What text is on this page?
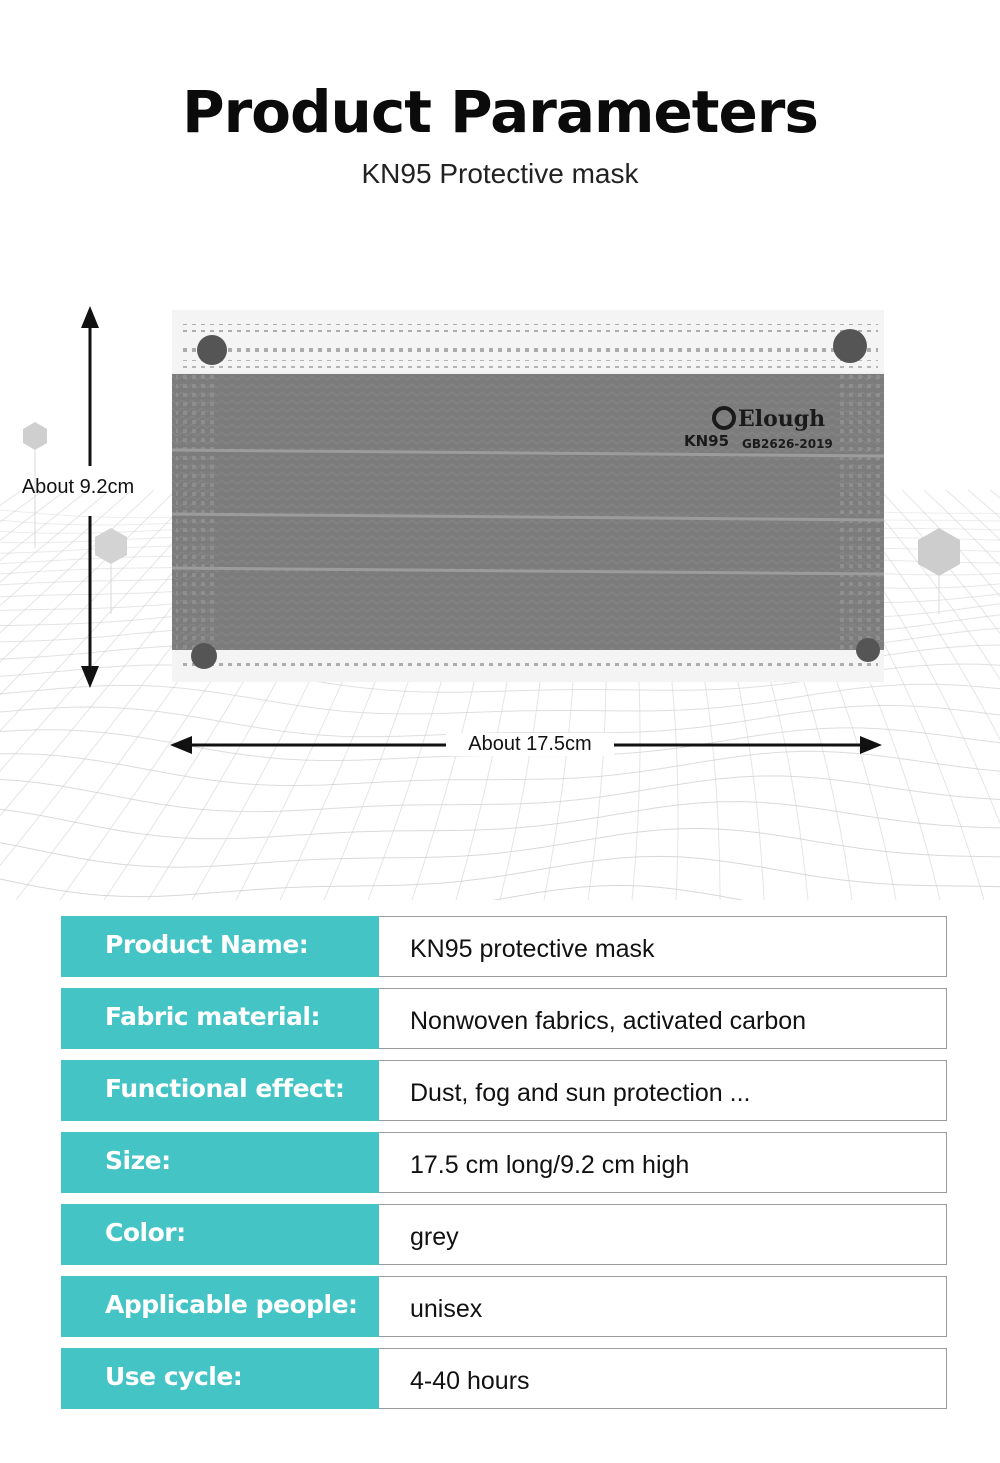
Product Parameters
KN95 Protective mask
Elough
KN95 GB2626-2019
About 9.2cm
About 17.5cm
Product Name:	KN95 protective mask
Fabric material:	Nonwoven fabrics, activated carbon
Functional effect:	Dust, fog and sun protection ...
Size:	17.5 cm long/9.2 cm high
Color:	grey
Applicable people:	unisex
Use cycle:	4-40 hours
